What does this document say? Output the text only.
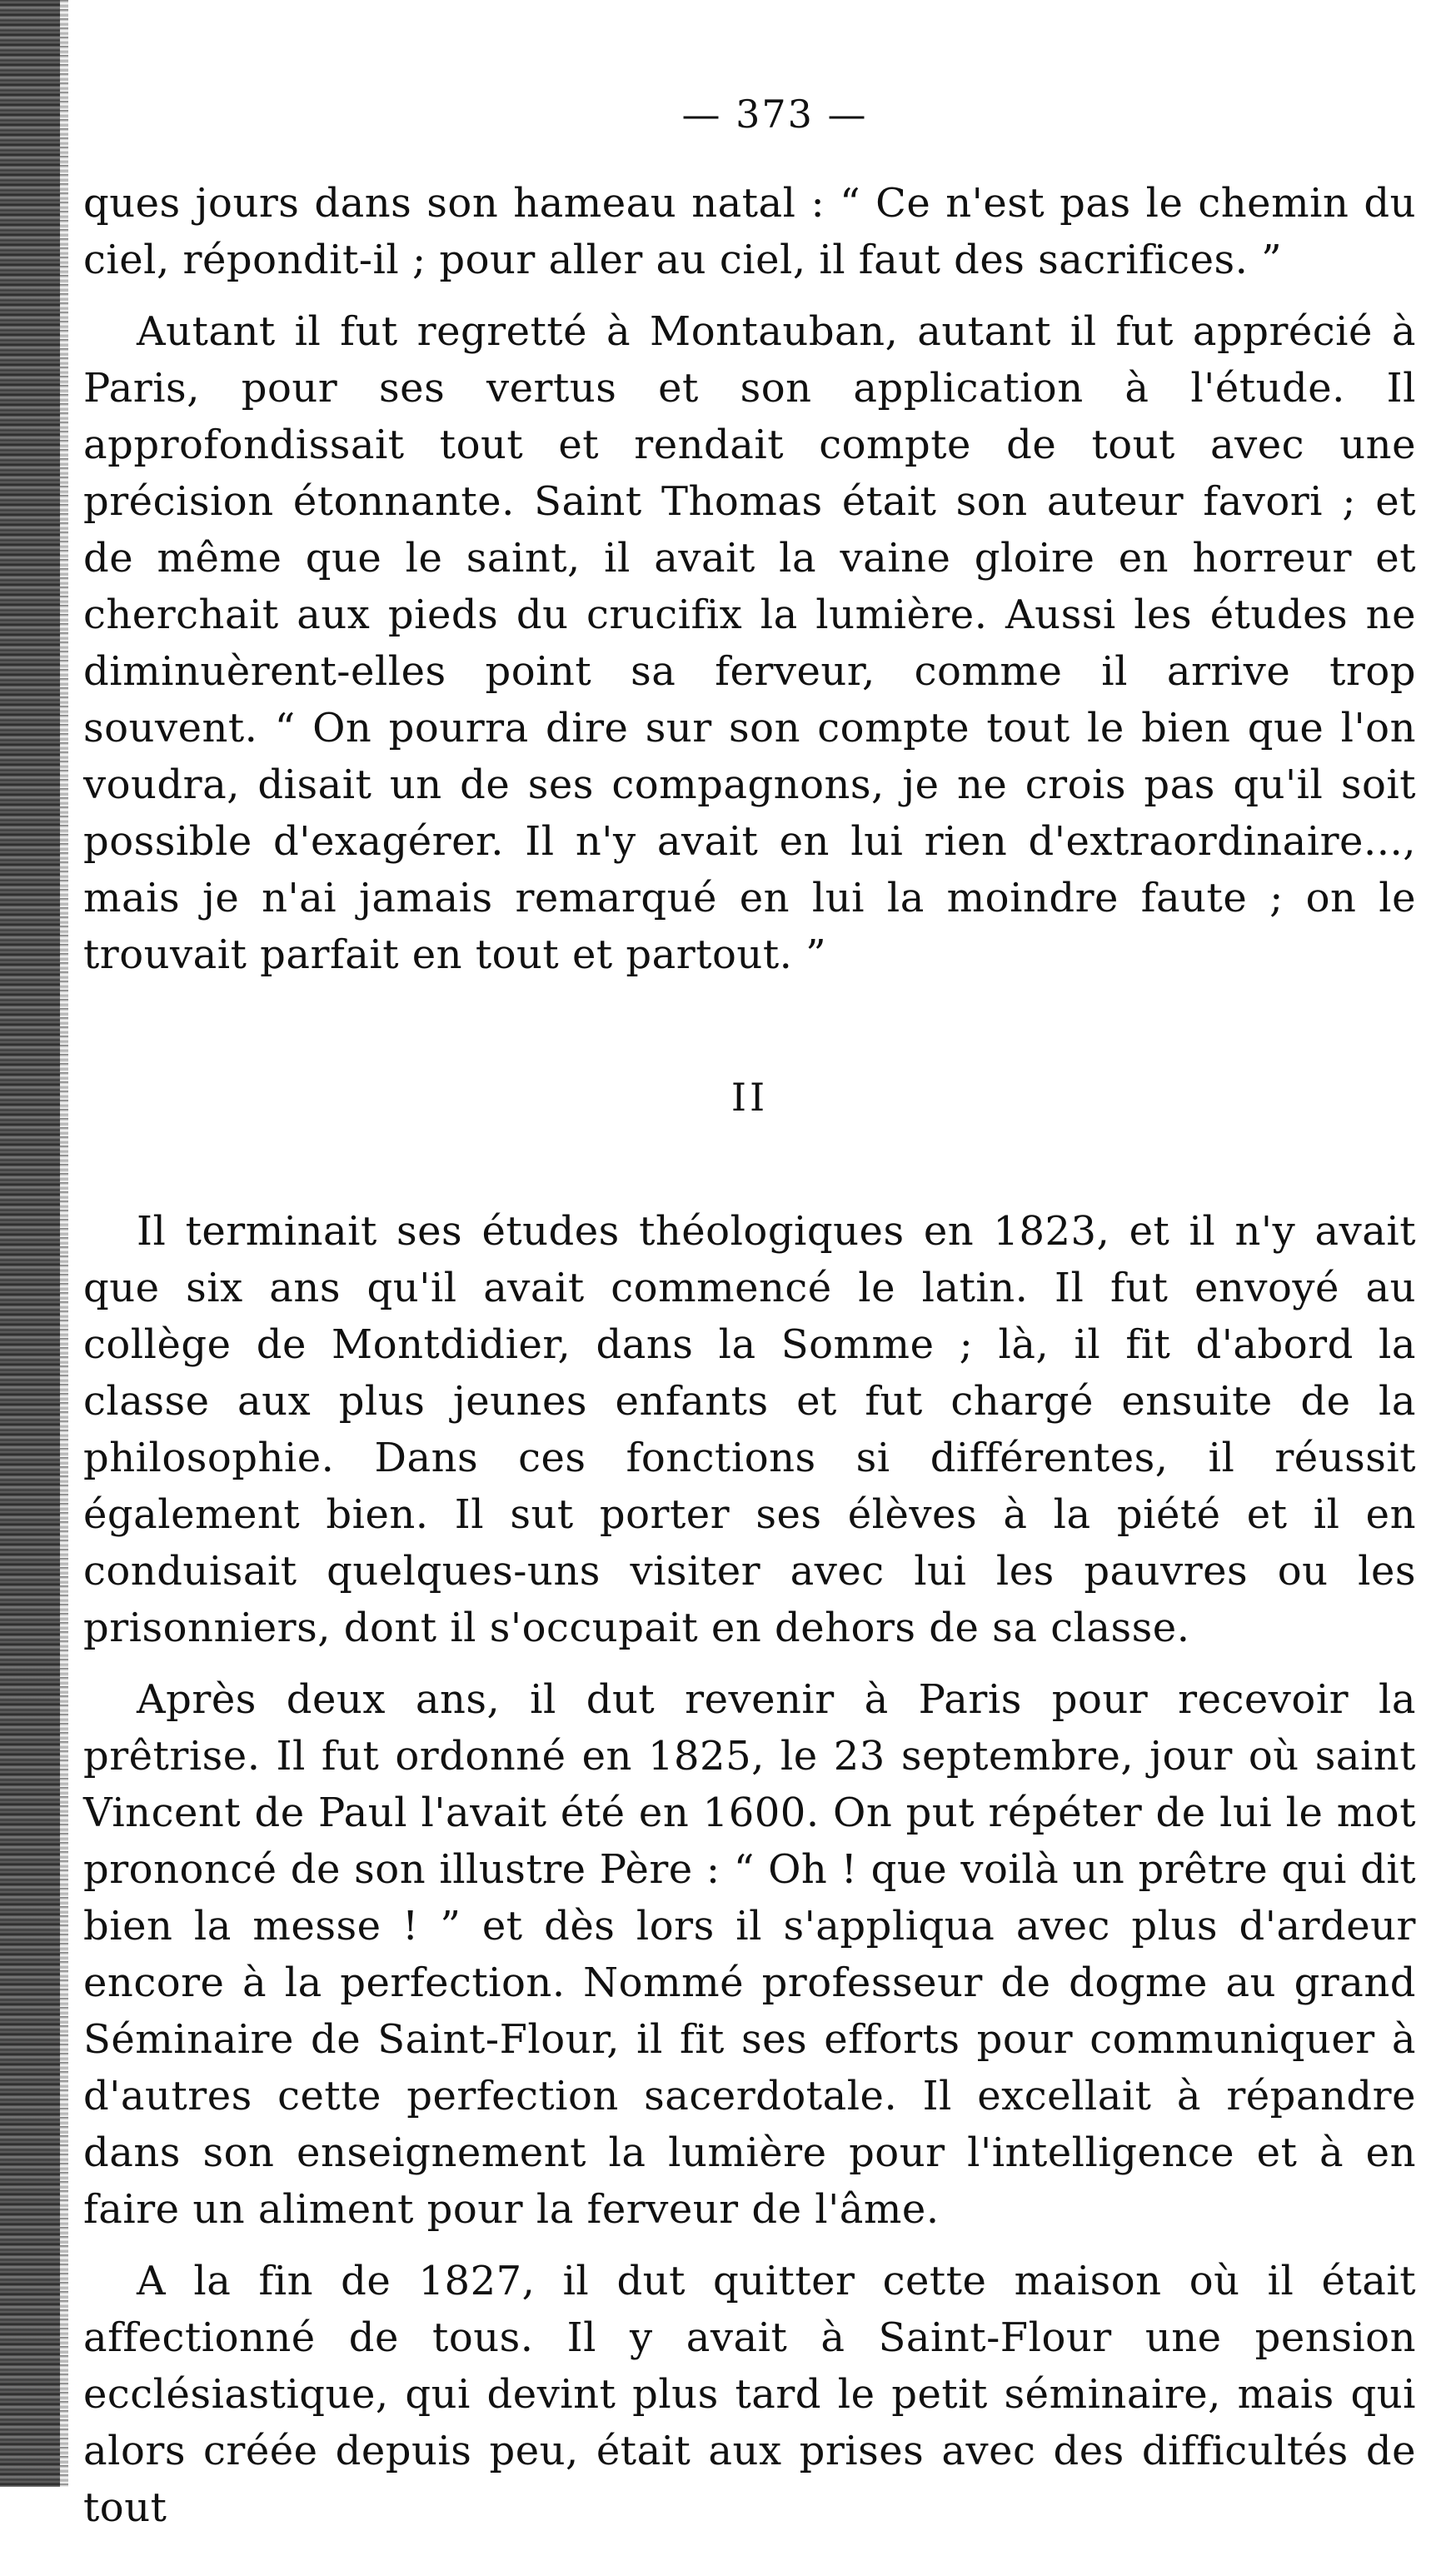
— 373 —

ques jours dans son hameau natal : “ Ce n'est pas le chemin du ciel, répondit-il ; pour aller au ciel, il faut des sacrifices. ”

Autant il fut regretté à Montauban, autant il fut apprécié à Paris, pour ses vertus et son application à l'étude. Il approfondissait tout et rendait compte de tout avec une précision étonnante. Saint Thomas était son auteur favori ; et de même que le saint, il avait la vaine gloire en horreur et cherchait aux pieds du crucifix la lumière. Aussi les études ne diminuèrent-elles point sa ferveur, comme il arrive trop souvent. “ On pourra dire sur son compte tout le bien que l'on voudra, disait un de ses compagnons, je ne crois pas qu'il soit possible d'exagérer. Il n'y avait en lui rien d'extraordinaire..., mais je n'ai jamais remarqué en lui la moindre faute ; on le trouvait parfait en tout et partout. ”

II

Il terminait ses études théologiques en 1823, et il n'y avait que six ans qu'il avait commencé le latin. Il fut envoyé au collège de Montdidier, dans la Somme ; là, il fit d'abord la classe aux plus jeunes enfants et fut chargé ensuite de la philosophie. Dans ces fonctions si différentes, il réussit également bien. Il sut porter ses élèves à la piété et il en conduisait quelques-uns visiter avec lui les pauvres ou les prisonniers, dont il s'occupait en dehors de sa classe.

Après deux ans, il dut revenir à Paris pour recevoir la prêtrise. Il fut ordonné en 1825, le 23 septembre, jour où saint Vincent de Paul l'avait été en 1600. On put répéter de lui le mot prononcé de son illustre Père : “ Oh ! que voilà un prêtre qui dit bien la messe ! ” et dès lors il s'appliqua avec plus d'ardeur encore à la perfection. Nommé professeur de dogme au grand Séminaire de Saint-Flour, il fit ses efforts pour communiquer à d'autres cette perfection sacerdotale. Il excellait à répandre dans son enseignement la lumière pour l'intelligence et à en faire un aliment pour la ferveur de l'âme.

A la fin de 1827, il dut quitter cette maison où il était affectionné de tous. Il y avait à Saint-Flour une pension ecclésiastique, qui devint plus tard le petit séminaire, mais qui alors créée depuis peu, était aux prises avec des difficultés de tout
